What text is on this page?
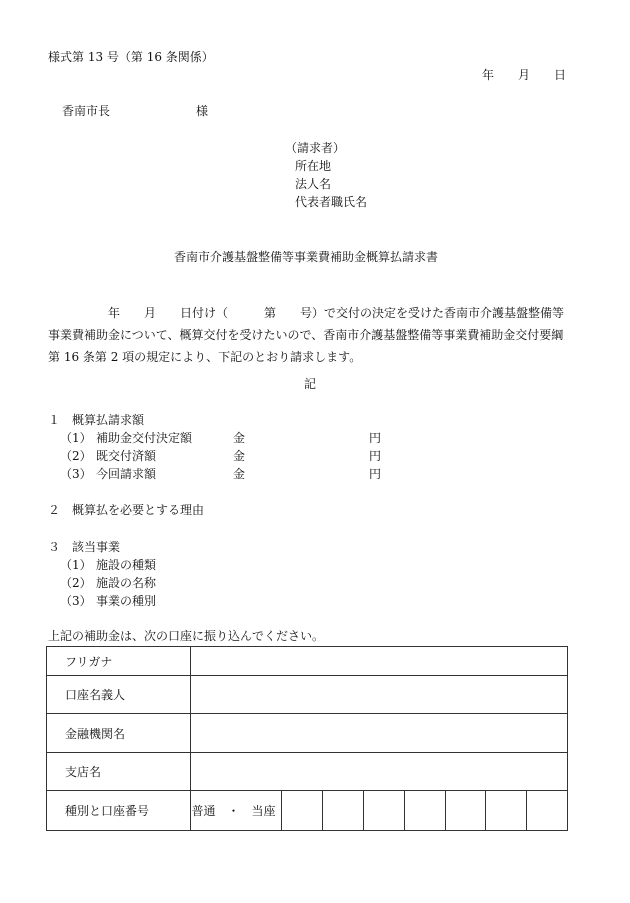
様式第 13 号（第 16 条関係）
年　　月　　日
香南市長	様
（請求者）
所在地
法人名
代表者職氏名
香南市介護基盤整備等事業費補助金概算払請求書
年　　月　　日付け（　　　第　　号）で交付の決定を受けた香南市介護基盤整備等
事業費補助金について、概算交付を受けたいので、香南市介護基盤整備等事業費補助金交付要綱
第 16 条第 2 項の規定により、下記のとおり請求します。
記
１　概算払請求額
（1） 補助金交付決定額	金	円
（2） 既交付済額	金	円
（3） 今回請求額	金	円
２　概算払を必要とする理由
３　該当事業
（1） 施設の種類
（2） 施設の名称
（3） 事業の種別
上記の補助金は、次の口座に振り込んでください。
フリガナ								
口座名義人								
金融機関名								
支店名								
種別と口座番号	普通　・　当座							
